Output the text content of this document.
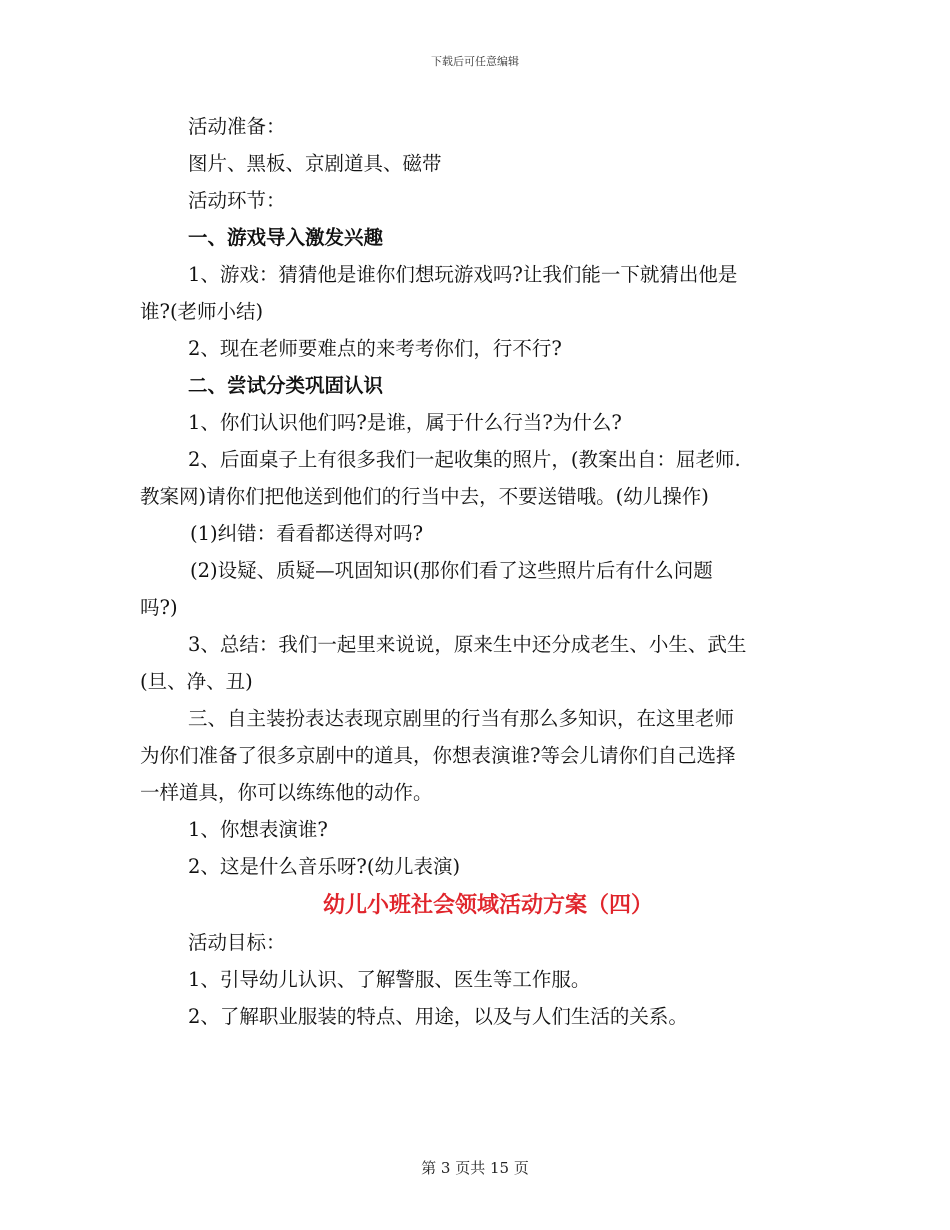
下载后可任意编辑

活动准备：

图片、黑板、京剧道具、磁带

活动环节：

一、游戏导入激发兴趣

1、游戏：猜猜他是谁你们想玩游戏吗?让我们能一下就猜出他是

谁?(老师小结)

2、现在老师要难点的来考考你们，行不行?

二、尝试分类巩固认识

1、你们认识他们吗?是谁，属于什么行当?为什么?

2、后面桌子上有很多我们一起收集的照片，(教案出自：屈老师.

教案网)请你们把他送到他们的行当中去，不要送错哦。(幼儿操作)

(1)纠错：看看都送得对吗?

(2)设疑、质疑—巩固知识(那你们看了这些照片后有什么问题

吗?)

3、总结：我们一起里来说说，原来生中还分成老生、小生、武生

(旦、净、丑)

三、自主装扮表达表现京剧里的行当有那么多知识，在这里老师

为你们准备了很多京剧中的道具，你想表演谁?等会儿请你们自己选择

一样道具，你可以练练他的动作。

1、你想表演谁?

2、这是什么音乐呀?(幼儿表演)

幼儿小班社会领域活动方案（四）

活动目标：

1、引导幼儿认识、了解警服、医生等工作服。

2、了解职业服装的特点、用途，以及与人们生活的关系。

第 3 页共 15 页
